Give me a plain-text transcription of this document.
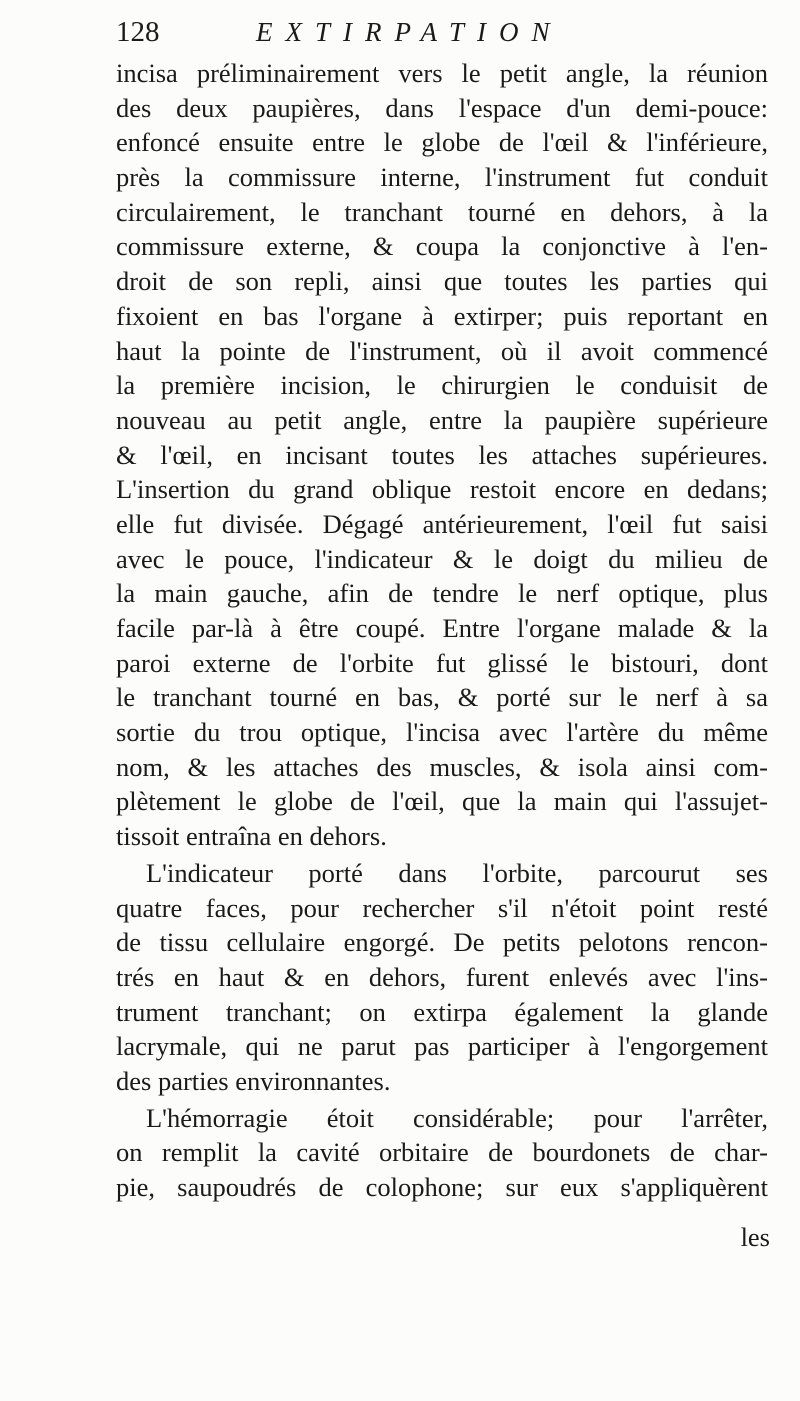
128	EXTIRPATION
incisa préliminairement vers le petit angle, la réunion
des deux paupières, dans l'espace d'un demi-pouce:
enfoncé ensuite entre le globe de l'œil & l'inférieure,
près la commissure interne, l'instrument fut conduit
circulairement, le tranchant tourné en dehors, à la
commissure externe, & coupa la conjonctive à l'en-
droit de son repli, ainsi que toutes les parties qui
fixoient en bas l'organe à extirper; puis reportant en
haut la pointe de l'instrument, où il avoit commencé
la première incision, le chirurgien le conduisit de
nouveau au petit angle, entre la paupière supérieure
& l'œil, en incisant toutes les attaches supérieures.
L'insertion du grand oblique restoit encore en dedans;
elle fut divisée. Dégagé antérieurement, l'œil fut saisi
avec le pouce, l'indicateur & le doigt du milieu de
la main gauche, afin de tendre le nerf optique, plus
facile par-là à être coupé. Entre l'organe malade & la
paroi externe de l'orbite fut glissé le bistouri, dont
le tranchant tourné en bas, & porté sur le nerf à sa
sortie du trou optique, l'incisa avec l'artère du même
nom, & les attaches des muscles, & isola ainsi com-
plètement le globe de l'œil, que la main qui l'assujet-
tissoit entraîna en dehors.
L'indicateur porté dans l'orbite, parcourut ses
quatre faces, pour rechercher s'il n'étoit point resté
de tissu cellulaire engorgé. De petits pelotons rencon-
trés en haut & en dehors, furent enlevés avec l'ins-
trument tranchant; on extirpa également la glande
lacrymale, qui ne parut pas participer à l'engorgement
des parties environnantes.
L'hémorragie étoit considérable; pour l'arrêter,
on remplit la cavité orbitaire de bourdonets de char-
pie, saupoudrés de colophone; sur eux s'appliquèrent
les
